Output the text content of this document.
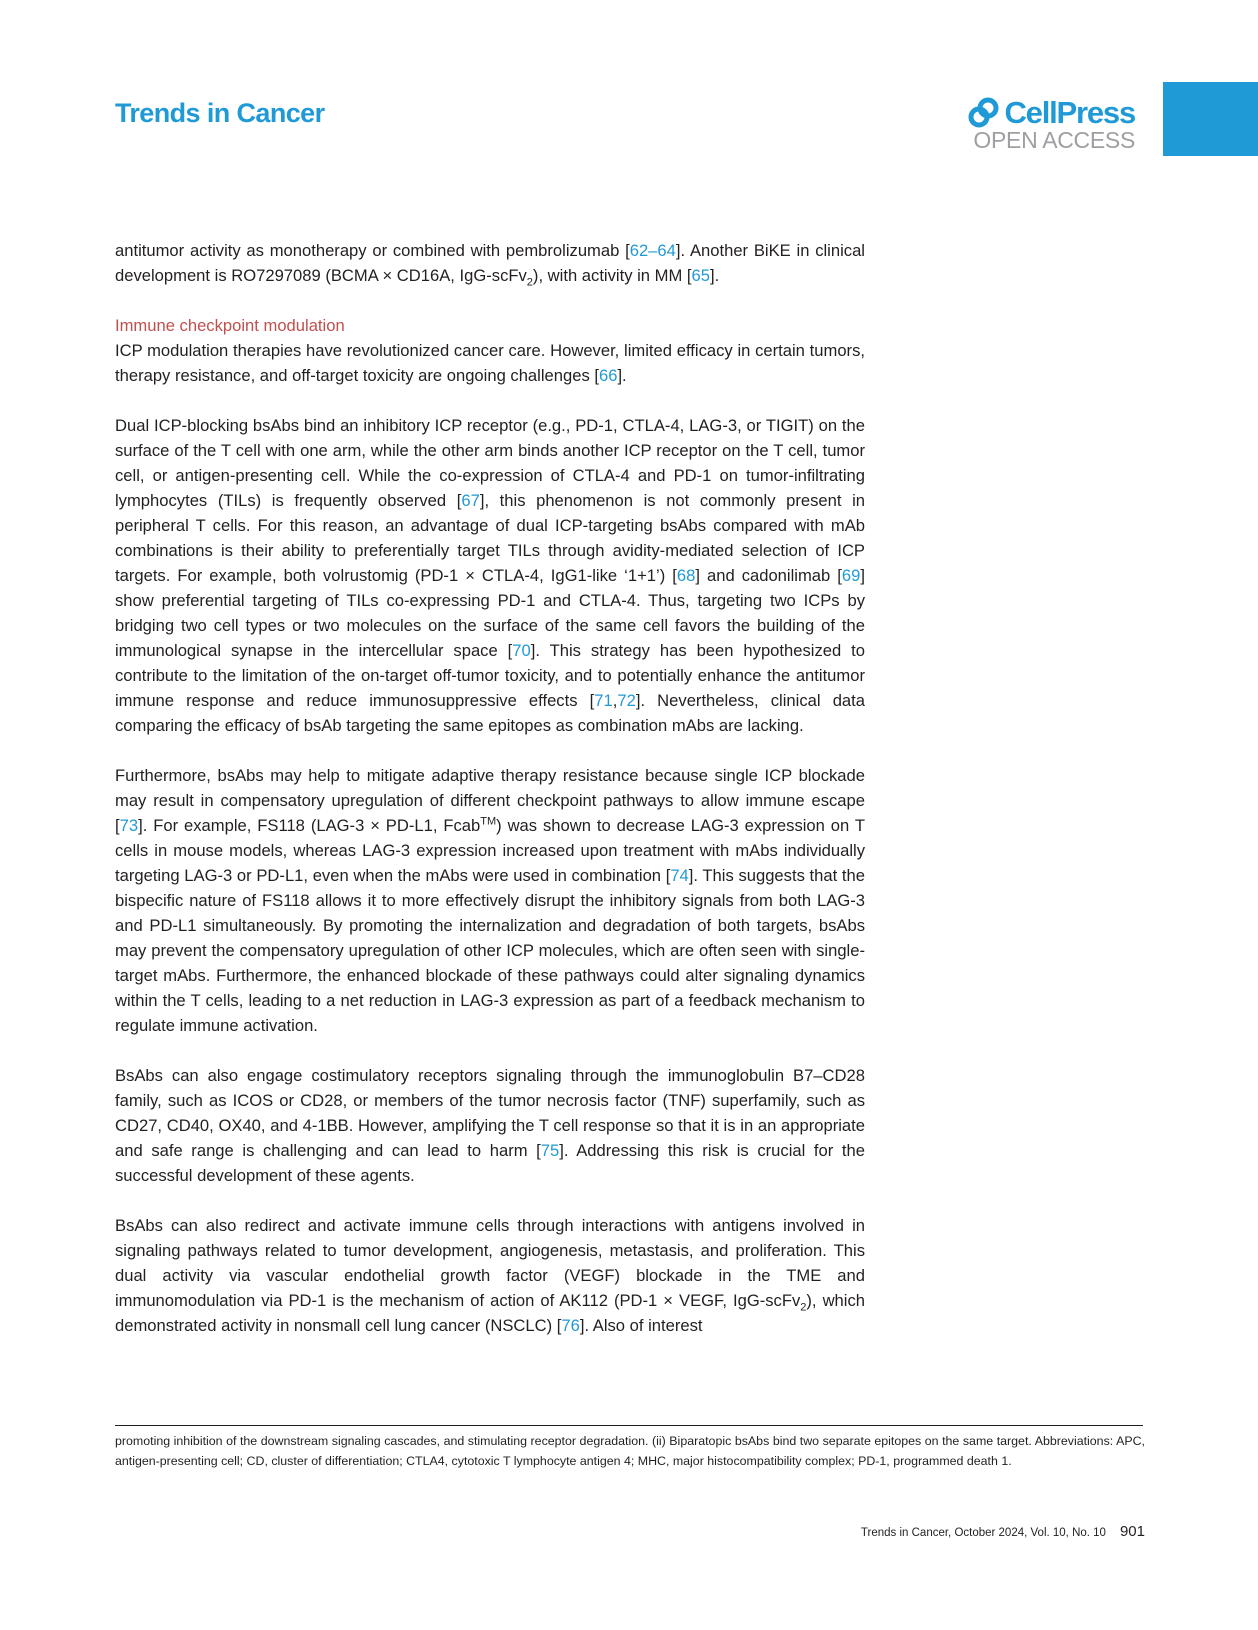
Trends in Cancer	CellPress
OPEN ACCESS

antitumor activity as monotherapy or combined with pembrolizumab [62–64]. Another BiKE in clinical development is RO7297089 (BCMA × CD16A, IgG-scFv$_2$), with activity in MM [65].

Immune checkpoint modulation

ICP modulation therapies have revolutionized cancer care. However, limited efficacy in certain tumors, therapy resistance, and off-target toxicity are ongoing challenges [66].

Dual ICP-blocking bsAbs bind an inhibitory ICP receptor (e.g., PD-1, CTLA-4, LAG-3, or TIGIT) on the surface of the T cell with one arm, while the other arm binds another ICP receptor on the T cell, tumor cell, or antigen-presenting cell. While the co-expression of CTLA-4 and PD-1 on tumor-infiltrating lymphocytes (TILs) is frequently observed [67], this phenomenon is not commonly present in peripheral T cells. For this reason, an advantage of dual ICP-targeting bsAbs compared with mAb combinations is their ability to preferentially target TILs through avidity-mediated selection of ICP targets. For example, both volrustomig (PD-1 × CTLA-4, IgG1-like ‘1+1’) [68] and cadonilimab [69] show preferential targeting of TILs co-expressing PD-1 and CTLA-4. Thus, targeting two ICPs by bridging two cell types or two molecules on the surface of the same cell favors the building of the immunological synapse in the intercellular space [70]. This strategy has been hypothesized to contribute to the limitation of the on-target off-tumor toxicity, and to potentially enhance the antitumor immune response and reduce immunosuppressive effects [71,72]. Nevertheless, clinical data comparing the efficacy of bsAb targeting the same epitopes as combination mAbs are lacking.

Furthermore, bsAbs may help to mitigate adaptive therapy resistance because single ICP blockade may result in compensatory upregulation of different checkpoint pathways to allow immune escape [73]. For example, FS118 (LAG-3 × PD-L1, Fcab™) was shown to decrease LAG-3 expression on T cells in mouse models, whereas LAG-3 expression increased upon treatment with mAbs individually targeting LAG-3 or PD-L1, even when the mAbs were used in combination [74]. This suggests that the bispecific nature of FS118 allows it to more effectively disrupt the inhibitory signals from both LAG-3 and PD-L1 simultaneously. By promoting the internalization and degradation of both targets, bsAbs may prevent the compensatory upregulation of other ICP molecules, which are often seen with single-target mAbs. Furthermore, the enhanced blockade of these pathways could alter signaling dynamics within the T cells, leading to a net reduction in LAG-3 expression as part of a feedback mechanism to regulate immune activation.

BsAbs can also engage costimulatory receptors signaling through the immunoglobulin B7–CD28 family, such as ICOS or CD28, or members of the tumor necrosis factor (TNF) superfamily, such as CD27, CD40, OX40, and 4-1BB. However, amplifying the T cell response so that it is in an appropriate and safe range is challenging and can lead to harm [75]. Addressing this risk is crucial for the successful development of these agents.

BsAbs can also redirect and activate immune cells through interactions with antigens involved in signaling pathways related to tumor development, angiogenesis, metastasis, and proliferation. This dual activity via vascular endothelial growth factor (VEGF) blockade in the TME and immunomodulation via PD-1 is the mechanism of action of AK112 (PD-1 × VEGF, IgG-scFv$_2$), which demonstrated activity in nonsmall cell lung cancer (NSCLC) [76]. Also of interest

promoting inhibition of the downstream signaling cascades, and stimulating receptor degradation. (ii) Biparatopic bsAbs bind two separate epitopes on the same target. Abbreviations: APC, antigen-presenting cell; CD, cluster of differentiation; CTLA4, cytotoxic T lymphocyte antigen 4; MHC, major histocompatibility complex; PD-1, programmed death 1.
Trends in Cancer, October 2024, Vol. 10, No. 10 901
